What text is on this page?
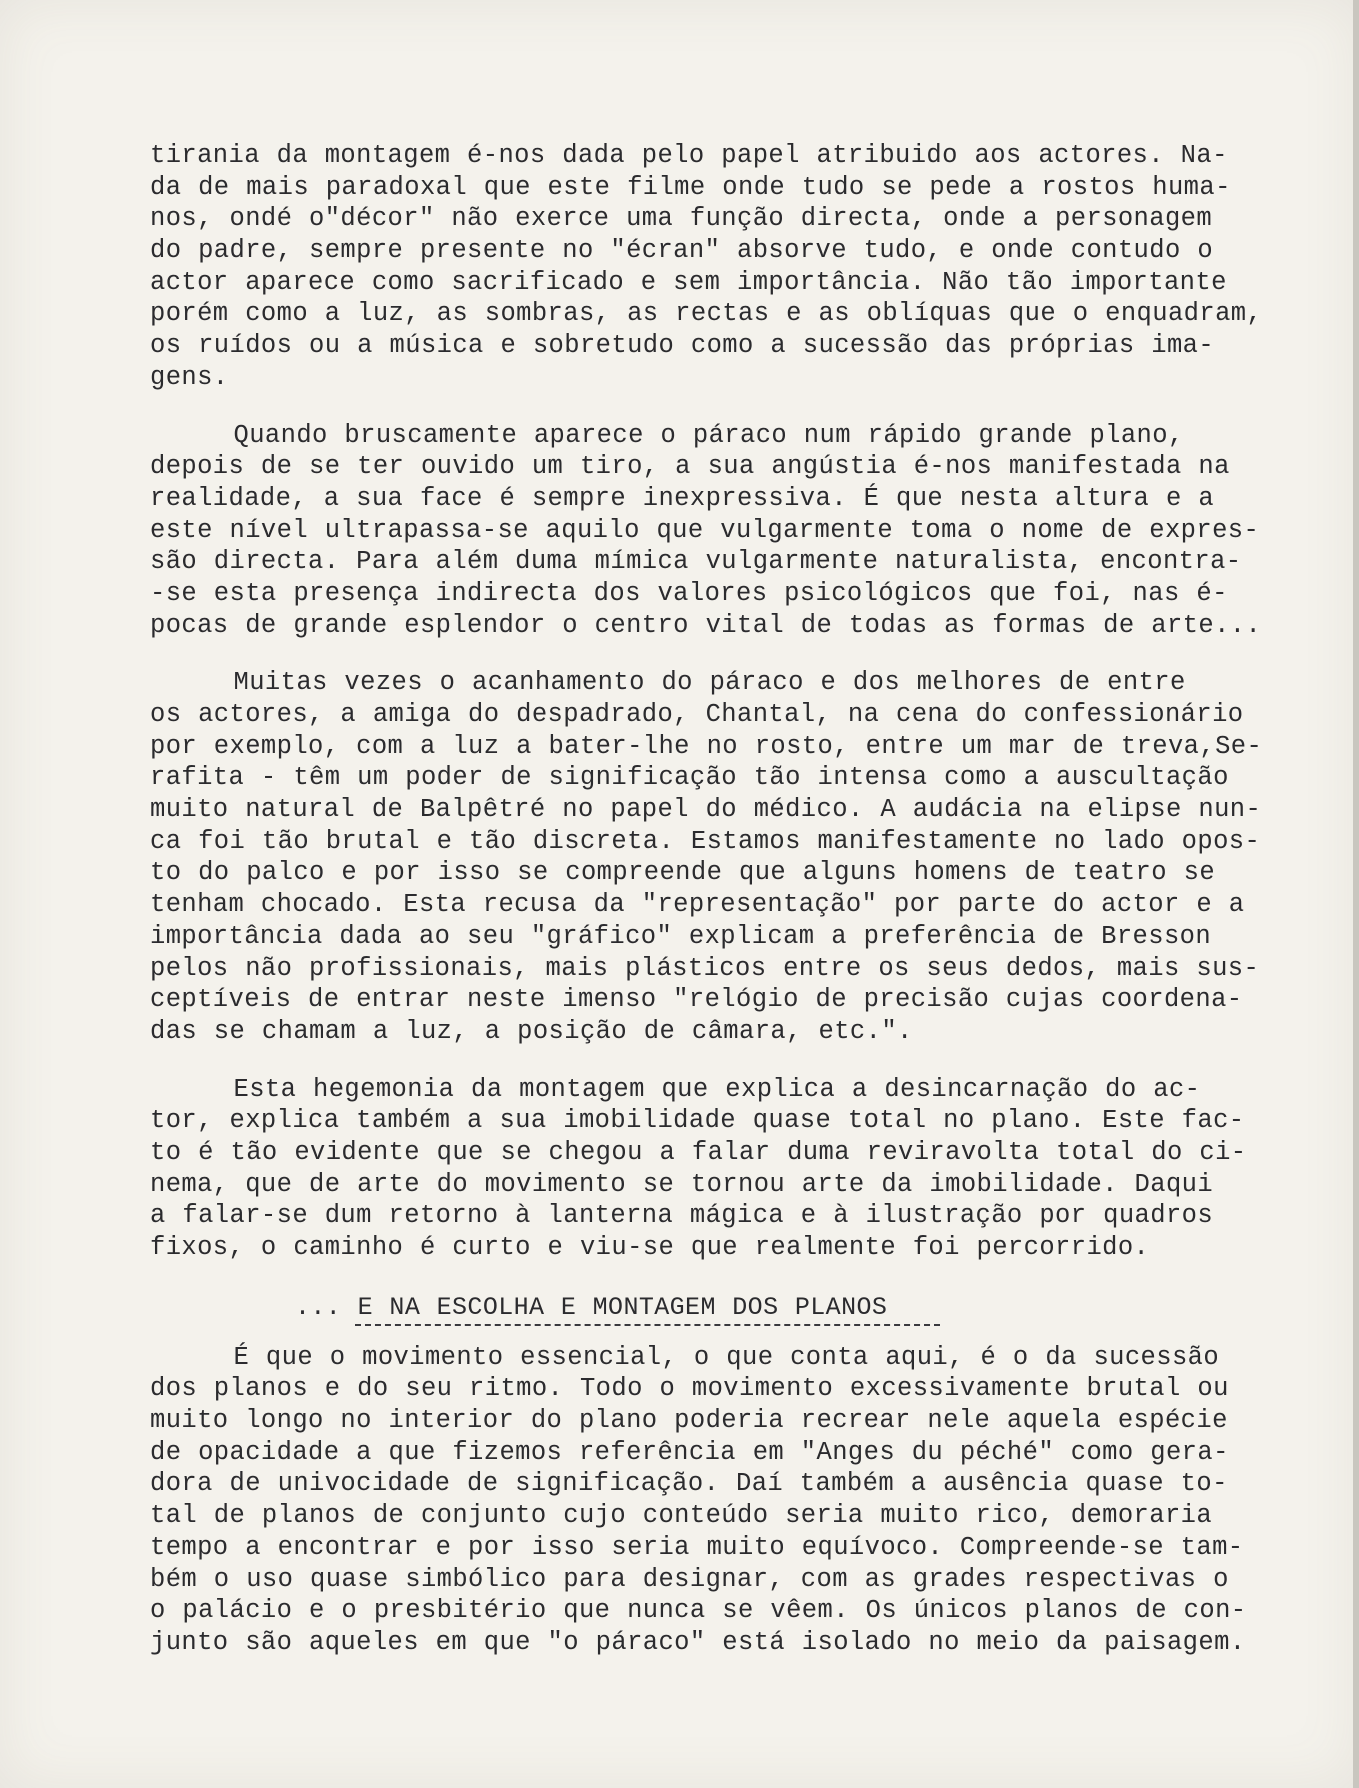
tirania da montagem é-nos dada pelo papel atribuido aos actores. Na-
da de mais paradoxal que este filme onde tudo se pede a rostos huma-
nos, ondé o"décor" não exerce uma função directa, onde a personagem
do padre, sempre presente no "écran" absorve tudo, e onde contudo o
actor aparece como sacrificado e sem importância. Não tão importante
porém como a luz, as sombras, as rectas e as oblíquas que o enquadram,
os ruídos ou a música e sobretudo como a sucessão das próprias ima-
gens.
Quando bruscamente aparece o páraco num rápido grande plano,
depois de se ter ouvido um tiro, a sua angústia é-nos manifestada na
realidade, a sua face é sempre inexpressiva. É que nesta altura e a
este nível ultrapassa-se aquilo que vulgarmente toma o nome de expres-
são directa. Para além duma mímica vulgarmente naturalista, encontra-
-se esta presença indirecta dos valores psicológicos que foi, nas é-
pocas de grande esplendor o centro vital de todas as formas de arte...
Muitas vezes o acanhamento do páraco e dos melhores de entre
os actores, a amiga do despadrado, Chantal, na cena do confessionário
por exemplo, com a luz a bater-lhe no rosto, entre um mar de treva,Se-
rafita - têm um poder de significação tão intensa como a auscultação
muito natural de Balpêtré no papel do médico. A audácia na elipse nun-
ca foi tão brutal e tão discreta. Estamos manifestamente no lado opos-
to do palco e por isso se compreende que alguns homens de teatro se
tenham chocado. Esta recusa da "representação" por parte do actor e a
importância dada ao seu "gráfico" explicam a preferência de Bresson
pelos não profissionais, mais plásticos entre os seus dedos, mais sus-
ceptíveis de entrar neste imenso "relógio de precisão cujas coordena-
das se chamam a luz, a posição de câmara, etc.".
Esta hegemonia da montagem que explica a desincarnação do ac-
tor, explica também a sua imobilidade quase total no plano. Este fac-
to é tão evidente que se chegou a falar duma reviravolta total do ci-
nema, que de arte do movimento se tornou arte da imobilidade. Daqui
a falar-se dum retorno à lanterna mágica e à ilustração por quadros
fixos, o caminho é curto e viu-se que realmente foi percorrido.
... E NA ESCOLHA E MONTAGEM DOS PLANOS
É que o movimento essencial, o que conta aqui, é o da sucessão
dos planos e do seu ritmo. Todo o movimento excessivamente brutal ou
muito longo no interior do plano poderia recrear nele aquela espécie
de opacidade a que fizemos referência em "Anges du péché" como gera-
dora de univocidade de significação. Daí também a ausência quase to-
tal de planos de conjunto cujo conteúdo seria muito rico, demoraria
tempo a encontrar e por isso seria muito equívoco. Compreende-se tam-
bém o uso quase simbólico para designar, com as grades respectivas o
o palácio e o presbitério que nunca se vêem. Os únicos planos de con-
junto são aqueles em que "o páraco" está isolado no meio da paisagem.
